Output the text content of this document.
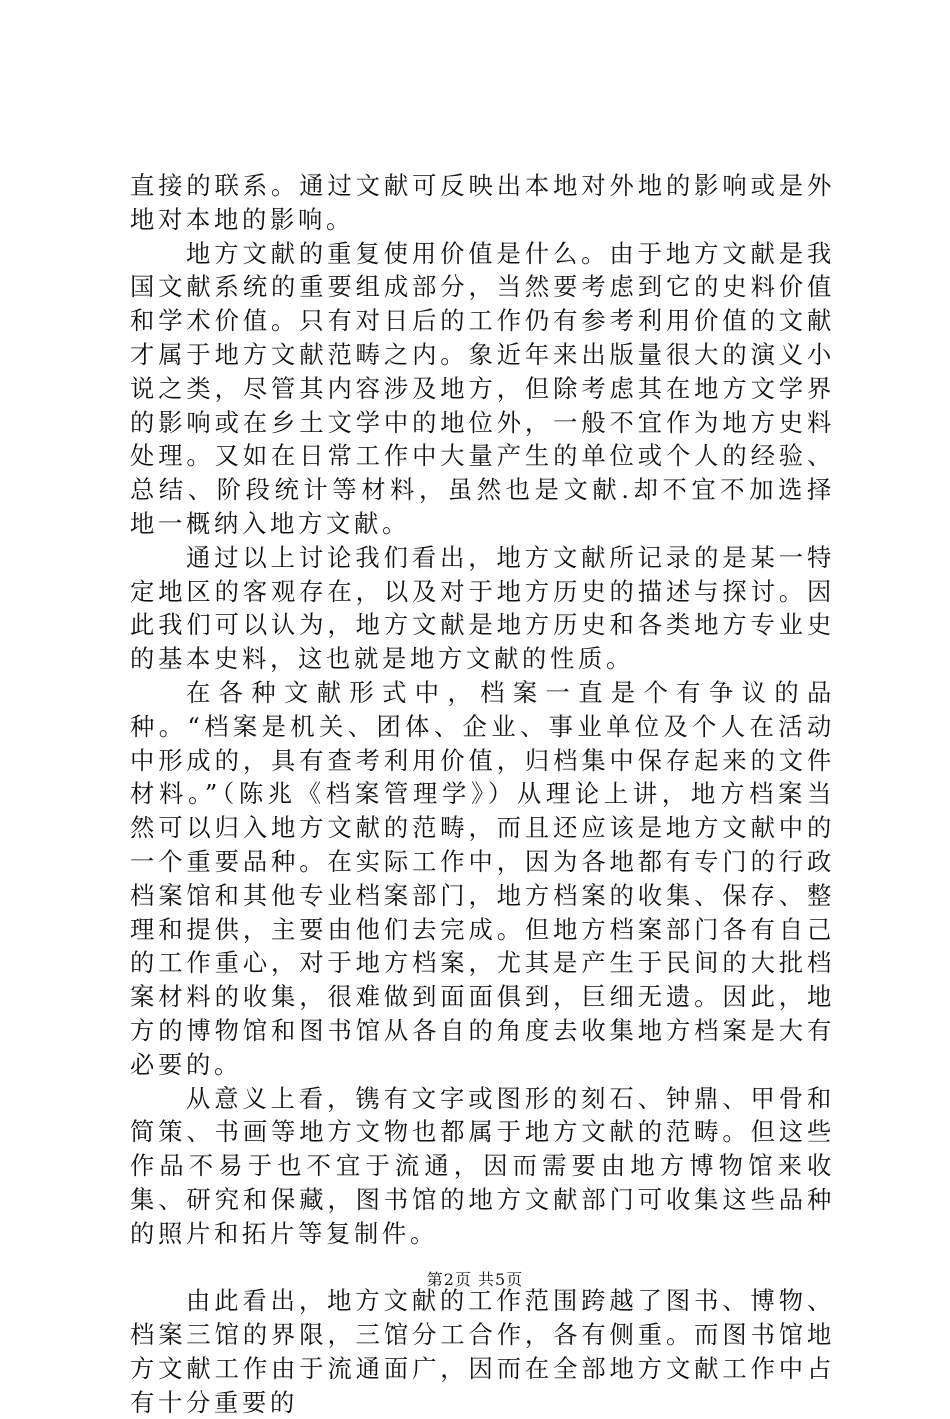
直接的联系。通过文献可反映出本地对外地的影响或是外地对本地的影响。

地方文献的重复使用价值是什么。由于地方文献是我国文献系统的重要组成部分，当然要考虑到它的史料价值和学术价值。只有对日后的工作仍有参考利用价值的文献才属于地方文献范畴之内。象近年来出版量很大的演义小说之类，尽管其内容涉及地方，但除考虑其在地方文学界的影响或在乡土文学中的地位外，一般不宜作为地方史料处理。又如在日常工作中大量产生的单位或个人的经验、总结、阶段统计等材料，虽然也是文献.却不宜不加选择地一概纳入地方文献。

通过以上讨论我们看出，地方文献所记录的是某一特定地区的客观存在，以及对于地方历史的描述与探讨。因此我们可以认为，地方文献是地方历史和各类地方专业史的基本史料，这也就是地方文献的性质。

在各种文献形式中，档案一直是个有争议的品种。“档案是机关、团体、企业、事业单位及个人在活动中形成的，具有查考利用价值，归档集中保存起来的文件材料。”（陈兆《档案管理学》）从理论上讲，地方档案当然可以归入地方文献的范畴，而且还应该是地方文献中的一个重要品种。在实际工作中，因为各地都有专门的行政档案馆和其他专业档案部门，地方档案的收集、保存、整理和提供，主要由他们去完成。但地方档案部门各有自己的工作重心，对于地方档案，尤其是产生于民间的大批档案材料的收集，很难做到面面俱到，巨细无遗。因此，地方的博物馆和图书馆从各自的角度去收集地方档案是大有必要的。

从意义上看，镌有文字或图形的刻石、钟鼎、甲骨和简策、书画等地方文物也都属于地方文献的范畴。但这些作品不易于也不宜于流通，因而需要由地方博物馆来收集、研究和保藏，图书馆的地方文献部门可收集这些品种的照片和拓片等复制件。

由此看出，地方文献的工作范围跨越了图书、博物、档案三馆的界限，三馆分工合作，各有侧重。而图书馆地方文献工作由于流通面广，因而在全部地方文献工作中占有十分重要的

第2页 共5页
